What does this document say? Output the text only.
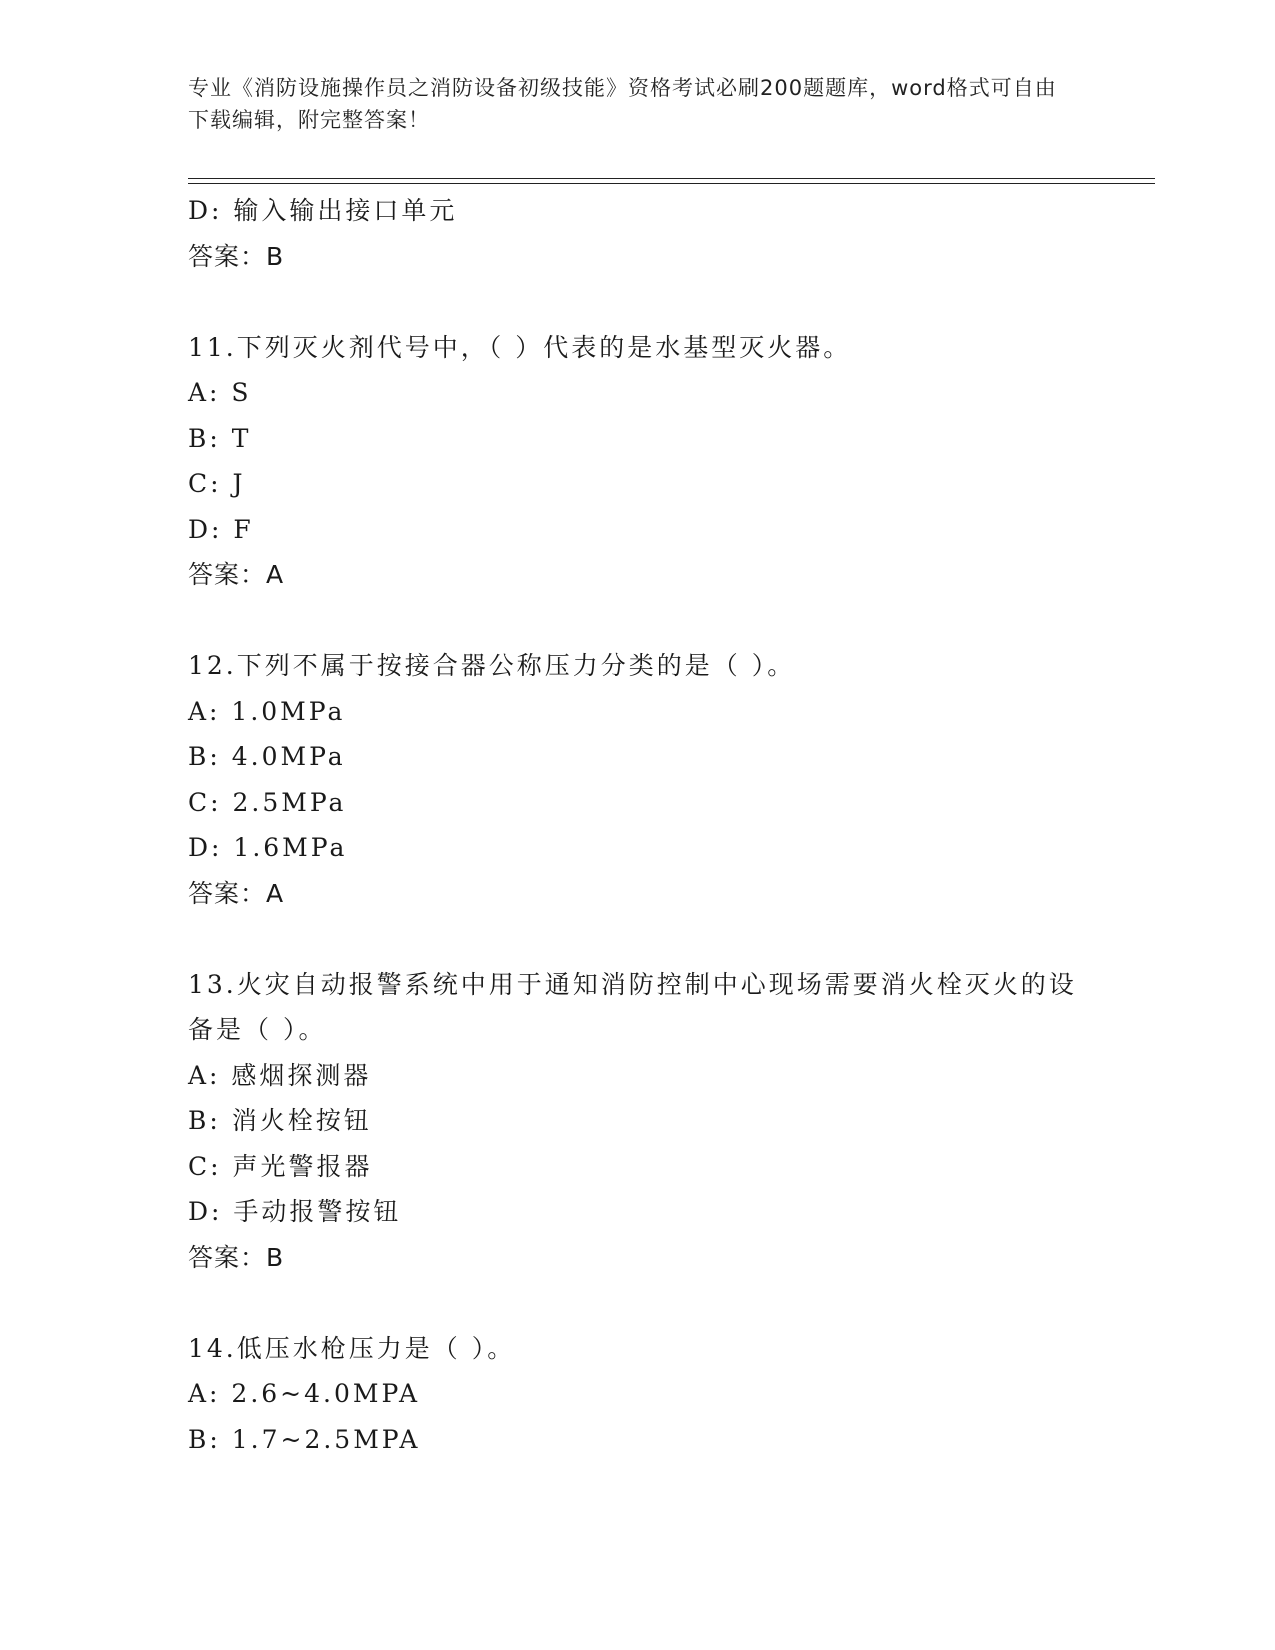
专业《消防设施操作员之消防设备初级技能》资格考试必刷200题题库，word格式可自由下载编辑，附完整答案！
D: 输入输出接口单元
答案：B
11.下列灭火剂代号中，（ ）代表的是水基型灭火器。
A: S
B: T
C: J
D: F
答案：A
12.下列不属于按接合器公称压力分类的是（ ）。
A: 1.0MPa
B: 4.0MPa
C: 2.5MPa
D: 1.6MPa
答案：A
13.火灾自动报警系统中用于通知消防控制中心现场需要消火栓灭火的设备是（ ）。
A: 感烟探测器
B: 消火栓按钮
C: 声光警报器
D: 手动报警按钮
答案：B
14.低压水枪压力是（ ）。
A: 2.6~4.0MPA
B: 1.7~2.5MPA
